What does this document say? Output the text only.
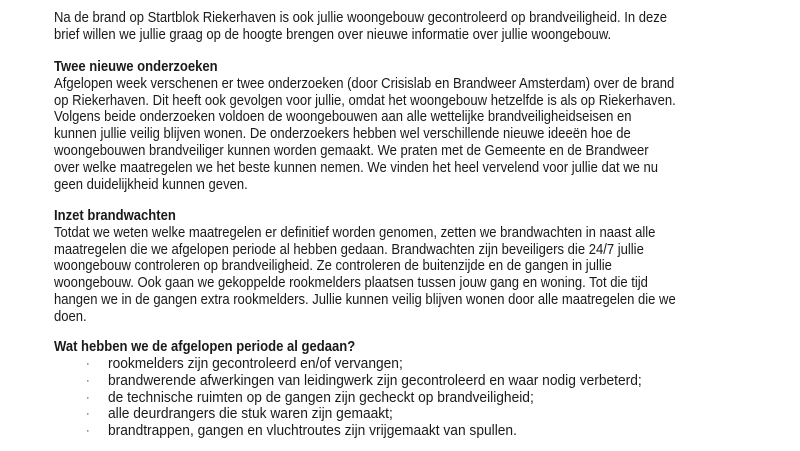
Na de brand op Startblok Riekerhaven is ook jullie woongebouw gecontroleerd op brandveiligheid. In deze
brief willen we jullie graag op de hoogte brengen over nieuwe informatie over jullie woongebouw.
Twee nieuwe onderzoeken
Afgelopen week verschenen er twee onderzoeken (door Crisislab en Brandweer Amsterdam) over de brand
op Riekerhaven. Dit heeft ook gevolgen voor jullie, omdat het woongebouw hetzelfde is als op Riekerhaven.
Volgens beide onderzoeken voldoen de woongebouwen aan alle wettelijke brandveiligheidseisen en
kunnen jullie veilig blijven wonen. De onderzoekers hebben wel verschillende nieuwe ideeën hoe de
woongebouwen brandveiliger kunnen worden gemaakt. We praten met de Gemeente en de Brandweer
over welke maatregelen we het beste kunnen nemen. We vinden het heel vervelend voor jullie dat we nu
geen duidelijkheid kunnen geven.
Inzet brandwachten
Totdat we weten welke maatregelen er definitief worden genomen, zetten we brandwachten in naast alle
maatregelen die we afgelopen periode al hebben gedaan. Brandwachten zijn beveiligers die 24/7 jullie
woongebouw controleren op brandveiligheid. Ze controleren de buitenzijde en de gangen in jullie
woongebouw. Ook gaan we gekoppelde rookmelders plaatsen tussen jouw gang en woning. Tot die tijd
hangen we in de gangen extra rookmelders. Jullie kunnen veilig blijven wonen door alle maatregelen die we
doen.
Wat hebben we de afgelopen periode al gedaan?
· rookmelders zijn gecontroleerd en/of vervangen;
· brandwerende afwerkingen van leidingwerk zijn gecontroleerd en waar nodig verbeterd;
· de technische ruimten op de gangen zijn gecheckt op brandveiligheid;
· alle deurdrangers die stuk waren zijn gemaakt;
· brandtrappen, gangen en vluchtroutes zijn vrijgemaakt van spullen.
